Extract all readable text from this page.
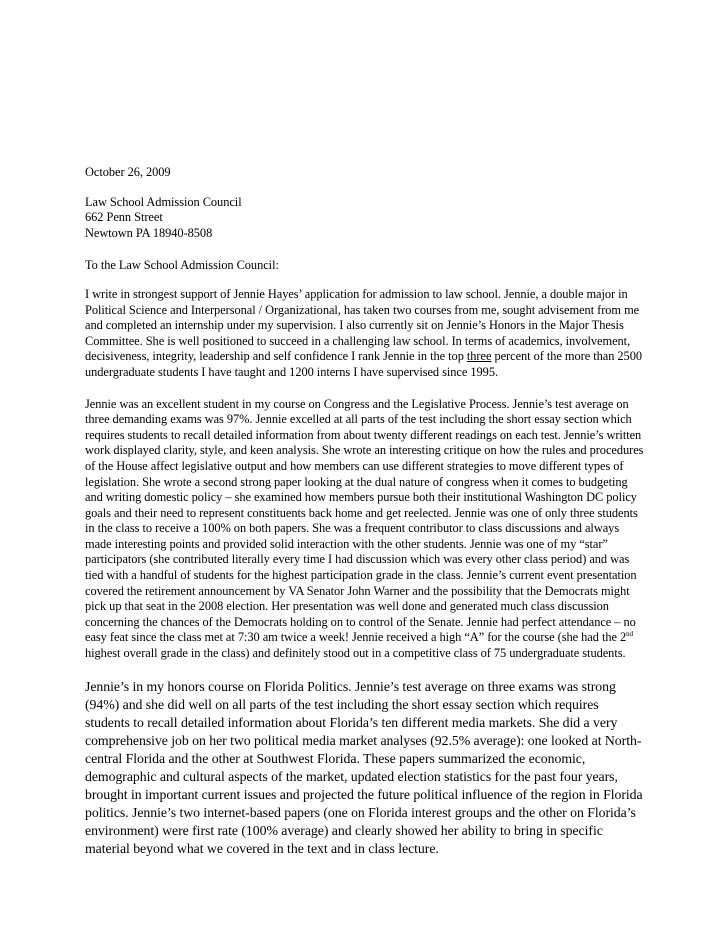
October 26, 2009

Law School Admission Council
662 Penn Street
Newtown PA 18940-8508

To the Law School Admission Council:

I write in strongest support of Jennie Hayes’ application for admission to law school. Jennie, a double major in Political Science and Interpersonal / Organizational, has taken two courses from me, sought advisement from me and completed an internship under my supervision. I also currently sit on Jennie’s Honors in the Major Thesis Committee. She is well positioned to succeed in a challenging law school. In terms of academics, involvement, decisiveness, integrity, leadership and self confidence I rank Jennie in the top three percent of the more than 2500 undergraduate students I have taught and 1200 interns I have supervised since 1995.

Jennie was an excellent student in my course on Congress and the Legislative Process. Jennie’s test average on three demanding exams was 97%. Jennie excelled at all parts of the test including the short essay section which requires students to recall detailed information from about twenty different readings on each test. Jennie’s written work displayed clarity, style, and keen analysis. She wrote an interesting critique on how the rules and procedures of the House affect legislative output and how members can use different strategies to move different types of legislation. She wrote a second strong paper looking at the dual nature of congress when it comes to budgeting and writing domestic policy – she examined how members pursue both their institutional Washington DC policy goals and their need to represent constituents back home and get reelected. Jennie was one of only three students in the class to receive a 100% on both papers. She was a frequent contributor to class discussions and always made interesting points and provided solid interaction with the other students. Jennie was one of my “star” participators (she contributed literally every time I had discussion which was every other class period) and was tied with a handful of students for the highest participation grade in the class. Jennie’s current event presentation covered the retirement announcement by VA Senator John Warner and the possibility that the Democrats might pick up that seat in the 2008 election. Her presentation was well done and generated much class discussion concerning the chances of the Democrats holding on to control of the Senate. Jennie had perfect attendance – no easy feat since the class met at 7:30 am twice a week! Jennie received a high “A” for the course (she had the 2nd highest overall grade in the class) and definitely stood out in a competitive class of 75 undergraduate students.

Jennie’s in my honors course on Florida Politics. Jennie’s test average on three exams was strong (94%) and she did well on all parts of the test including the short essay section which requires students to recall detailed information about Florida’s ten different media markets. She did a very comprehensive job on her two political media market analyses (92.5% average): one looked at North-central Florida and the other at Southwest Florida. These papers summarized the economic, demographic and cultural aspects of the market, updated election statistics for the past four years, brought in important current issues and projected the future political influence of the region in Florida politics. Jennie’s two internet-based papers (one on Florida interest groups and the other on Florida’s environment) were first rate (100% average) and clearly showed her ability to bring in specific material beyond what we covered in the text and in class lecture.
